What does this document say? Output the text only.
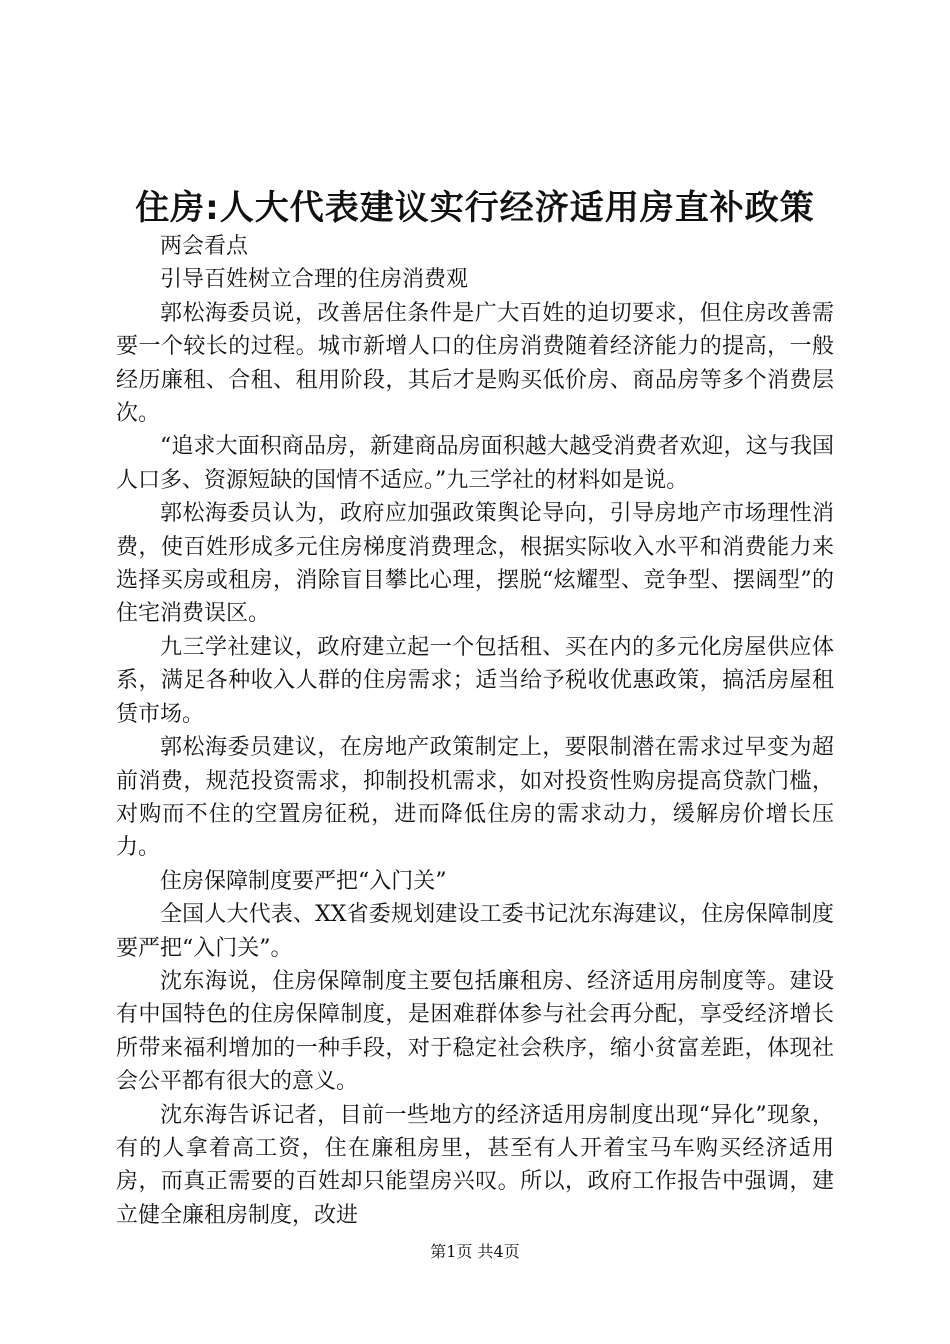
住房:人大代表建议实行经济适用房直补政策

两会看点

引导百姓树立合理的住房消费观

郭松海委员说，改善居住条件是广大百姓的迫切要求，但住房改善需要一个较长的过程。城市新增人口的住房消费随着经济能力的提高，一般经历廉租、合租、租用阶段，其后才是购买低价房、商品房等多个消费层次。

“追求大面积商品房，新建商品房面积越大越受消费者欢迎，这与我国人口多、资源短缺的国情不适应。”九三学社的材料如是说。

郭松海委员认为，政府应加强政策舆论导向，引导房地产市场理性消费，使百姓形成多元住房梯度消费理念，根据实际收入水平和消费能力来选择买房或租房，消除盲目攀比心理，摆脱“炫耀型、竞争型、摆阔型”的住宅消费误区。

九三学社建议，政府建立起一个包括租、买在内的多元化房屋供应体系，满足各种收入人群的住房需求；适当给予税收优惠政策，搞活房屋租赁市场。

郭松海委员建议，在房地产政策制定上，要限制潜在需求过早变为超前消费，规范投资需求，抑制投机需求，如对投资性购房提高贷款门槛，对购而不住的空置房征税，进而降低住房的需求动力，缓解房价增长压力。

住房保障制度要严把“入门关”

全国人大代表、XX省委规划建设工委书记沈东海建议，住房保障制度要严把“入门关”。

沈东海说，住房保障制度主要包括廉租房、经济适用房制度等。建设有中国特色的住房保障制度，是困难群体参与社会再分配，享受经济增长所带来福利增加的一种手段，对于稳定社会秩序，缩小贫富差距，体现社会公平都有很大的意义。

沈东海告诉记者，目前一些地方的经济适用房制度出现“异化”现象，有的人拿着高工资，住在廉租房里，甚至有人开着宝马车购买经济适用房，而真正需要的百姓却只能望房兴叹。所以，政府工作报告中强调，建立健全廉租房制度，改进

第1页 共4页
